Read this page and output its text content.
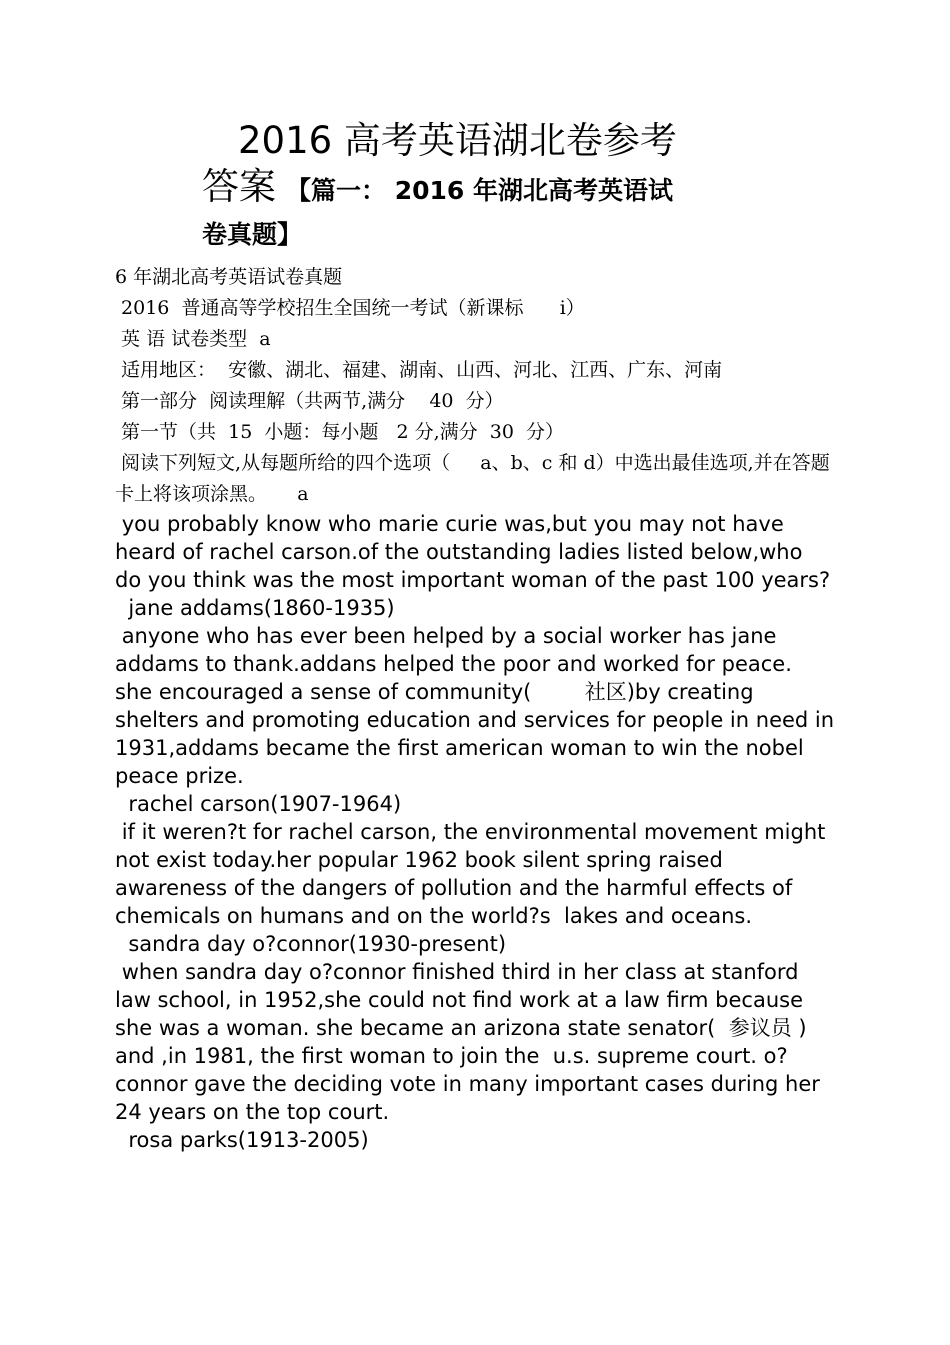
2016 高考英语湖北卷参考
答案 【篇一： 2016 年湖北高考英语试
卷真题】

6 年湖北高考英语试卷真题

2016  普通高等学校招生全国统一考试（新课标      i）

英 语 试卷类型  a

适用地区：  安徽、湖北、福建、湖南、山西、河北、江西、广东、河南

第一部分  阅读理解（共两节,满分    40  分）

第一节（共  15  小题：每小题   2 分,满分  30  分）

阅读下列短文,从每题所给的四个选项（     a、b、c 和 d）中选出最佳选项,并在答题卡上将该项涂黑。     a

you probably know who marie curie was,but you may not have heard of rachel carson.of the outstanding ladies listed below,who do you think was the most important woman of the past 100 years?

jane addams(1860-1935)

anyone who has ever been helped by a social worker has jane addams to thank.addans helped the poor and worked for peace. she encouraged a sense of community(        社区)by creating shelters and promoting education and services for people in need in 1931,addams became the first american woman to win the nobel peace prize.

rachel carson(1907-1964)

if it weren?t for rachel carson, the environmental movement might not exist today.her popular 1962 book silent spring raised awareness of the dangers of pollution and the harmful effects of chemicals on humans and on the world?s  lakes and oceans.

sandra day o?connor(1930-present)

when sandra day o?connor finished third in her class at stanford law school, in 1952,she could not find work at a law firm because she was a woman. she became an arizona state senator(  参议员 )

and ,in 1981, the first woman to join the  u.s. supreme court. o?connor gave the deciding vote in many important cases during her 24 years on the top court.

rosa parks(1913-2005)
